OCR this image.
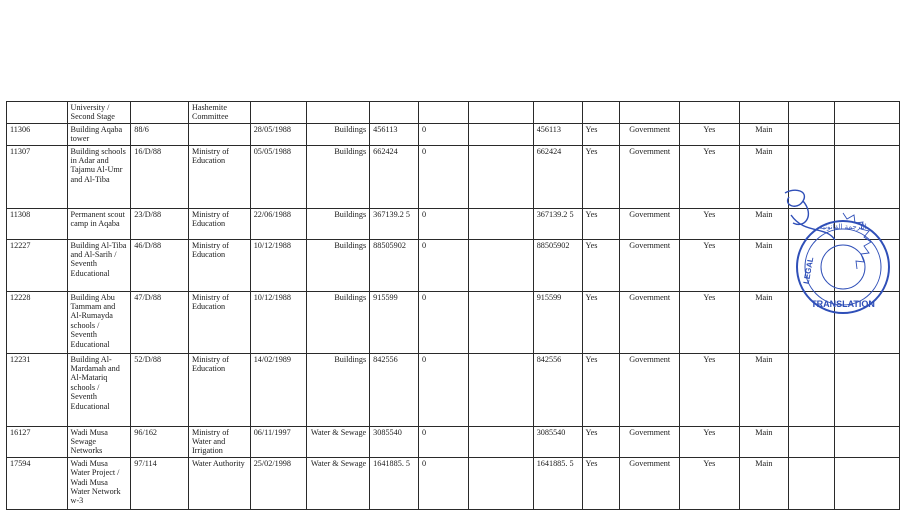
	University / Second Stage		Hashemite Committee												
11306	Building Aqaba tower	88/6		28/05/1988	Buildings	456113	0		456113	Yes	Government	Yes	Main		
11307	Building schools in Adar and Tajamu Al-Umr and Al-Tiba	16/D/88	Ministry of Education	05/05/1988	Buildings	662424	0		662424	Yes	Government	Yes	Main		
11308	Permanent scout camp in Aqaba	23/D/88	Ministry of Education	22/06/1988	Buildings	367139.2 5	0		367139.2 5	Yes	Government	Yes	Main		
12227	Building Al-Tiba and Al-Sarih / Seventh Educational	46/D/88	Ministry of Education	10/12/1988	Buildings	88505902	0		88505902	Yes	Government	Yes	Main		
12228	Building Abu Tammam and Al-Rumayda schools / Seventh Educational	47/D/88	Ministry of Education	10/12/1988	Buildings	915599	0		915599	Yes	Government	Yes	Main		
12231	Building Al-Mardamah and Al-Matariq schools / Seventh Educational	52/D/88	Ministry of Education	14/02/1989	Buildings	842556	0		842556	Yes	Government	Yes	Main		
16127	Wadi Musa Sewage Networks	96/162	Ministry of Water and Irrigation	06/11/1997	Water & Sewage	3085540	0		3085540	Yes	Government	Yes	Main		
17594	Wadi Musa Water Project / Wadi Musa Water Network w-3	97/114	Water Authority	25/02/1998	Water & Sewage	1641885. 5	0		1641885. 5	Yes	Government	Yes	Main		
TRANSLATION
LEGAL
الترجمة القانونية
